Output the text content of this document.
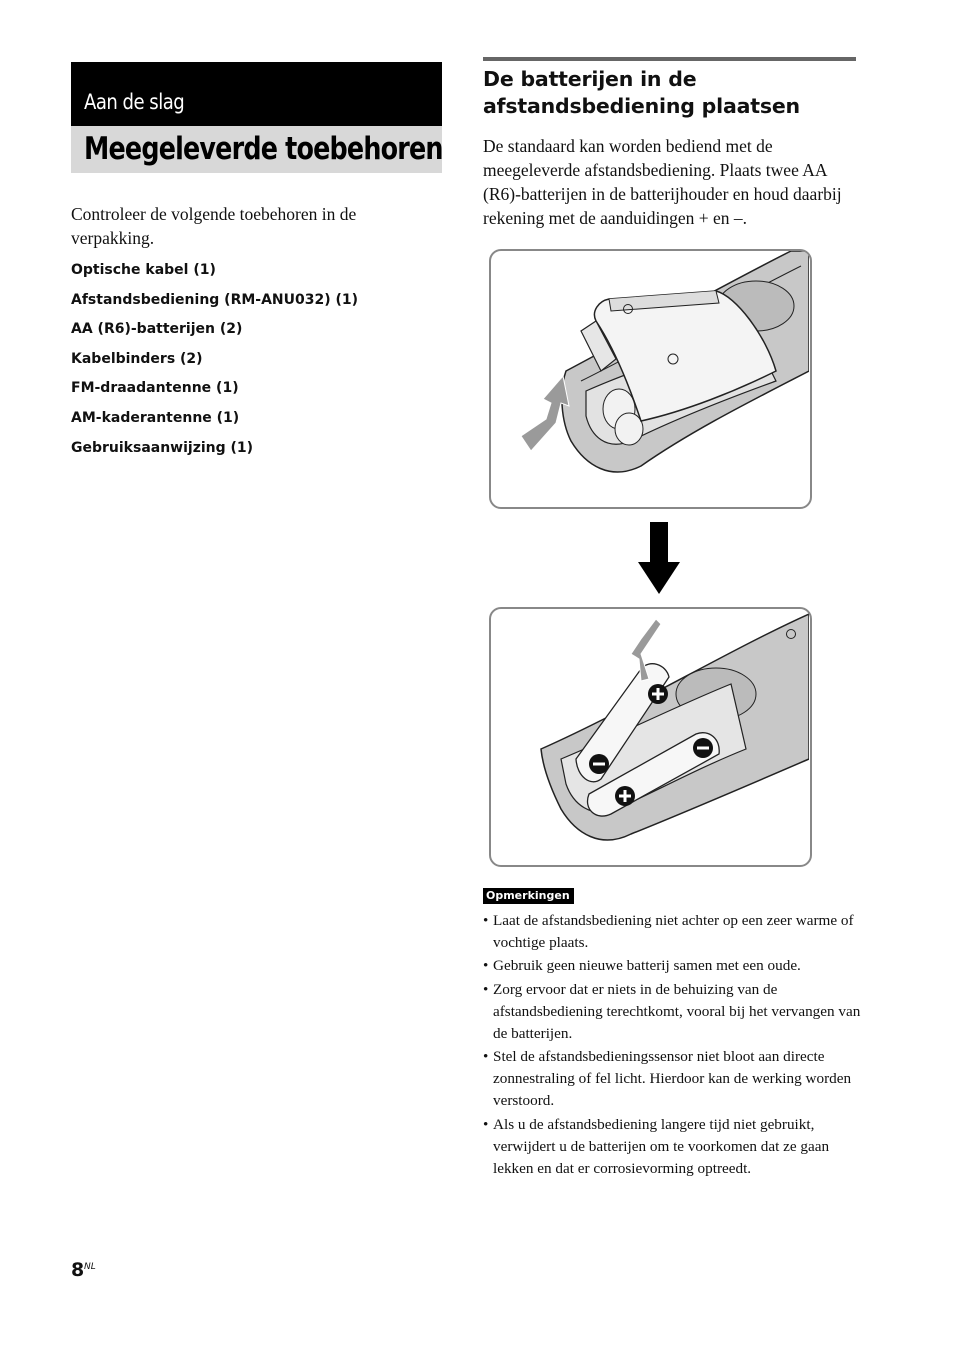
Aan de slag
Meegeleverde toebehoren
Controleer de volgende toebehoren in de verpakking.
Optische kabel (1)
Afstandsbediening (RM-ANU032) (1)
AA (R6)-batterijen (2)
Kabelbinders (2)
FM-draadantenne (1)
AM-kaderantenne (1)
Gebruiksaanwijzing (1)
De batterijen in de afstandsbediening plaatsen
De standaard kan worden bediend met de meegeleverde afstandsbediening. Plaats twee AA (R6)-batterijen in de batterijhouder en houd daarbij rekening met de aanduidingen + en –.
Opmerkingen
• Laat de afstandsbediening niet achter op een zeer warme of vochtige plaats.
• Gebruik geen nieuwe batterij samen met een oude.
• Zorg ervoor dat er niets in de behuizing van de afstandsbediening terechtkomt, vooral bij het vervangen van de batterijen.
• Stel de afstandsbedieningssensor niet bloot aan directe zonnestraling of fel licht. Hierdoor kan de werking worden verstoord.
• Als u de afstandsbediening langere tijd niet gebruikt, verwijdert u de batterijen om te voorkomen dat ze gaan lekken en dat er corrosievorming optreedt.
8 NL
